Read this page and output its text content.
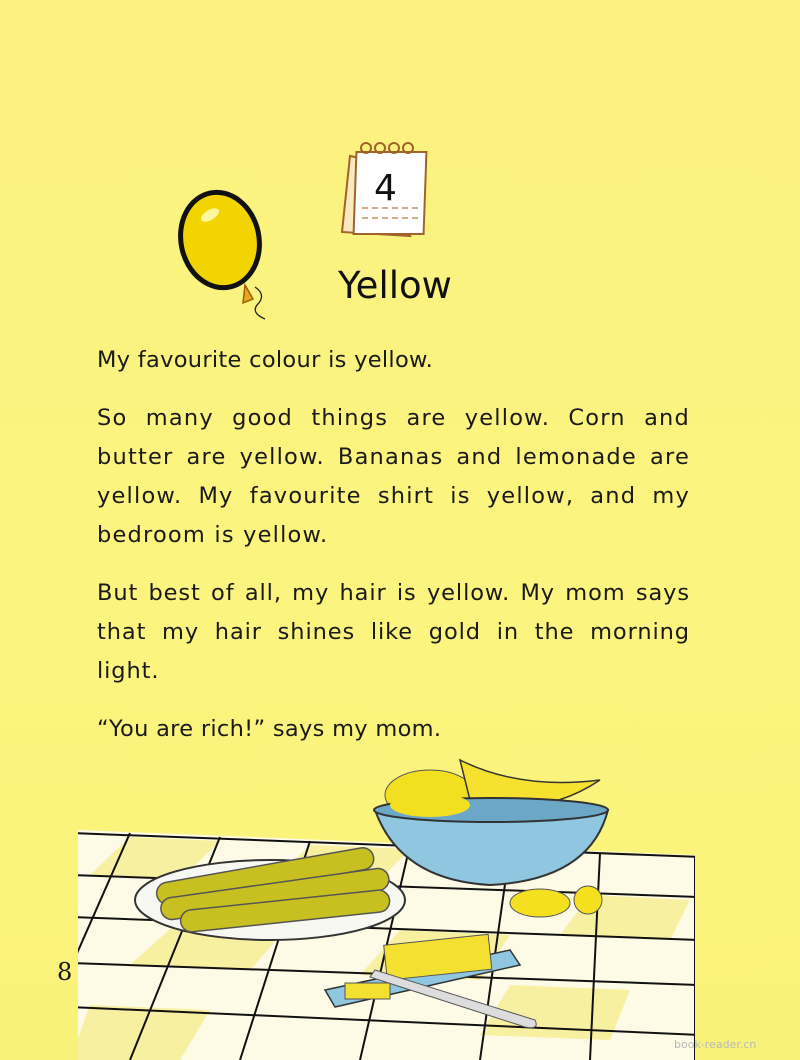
4
Yellow

My favourite colour is yellow.

So many good things are yellow. Corn and butter are yellow. Bananas and lemonade are yellow. My favourite shirt is yellow, and my bedroom is yellow.

But best of all, my hair is yellow. My mom says that my hair shines like gold in the morning light.

“You are rich!” says my mom.

8
book-reader.cn
